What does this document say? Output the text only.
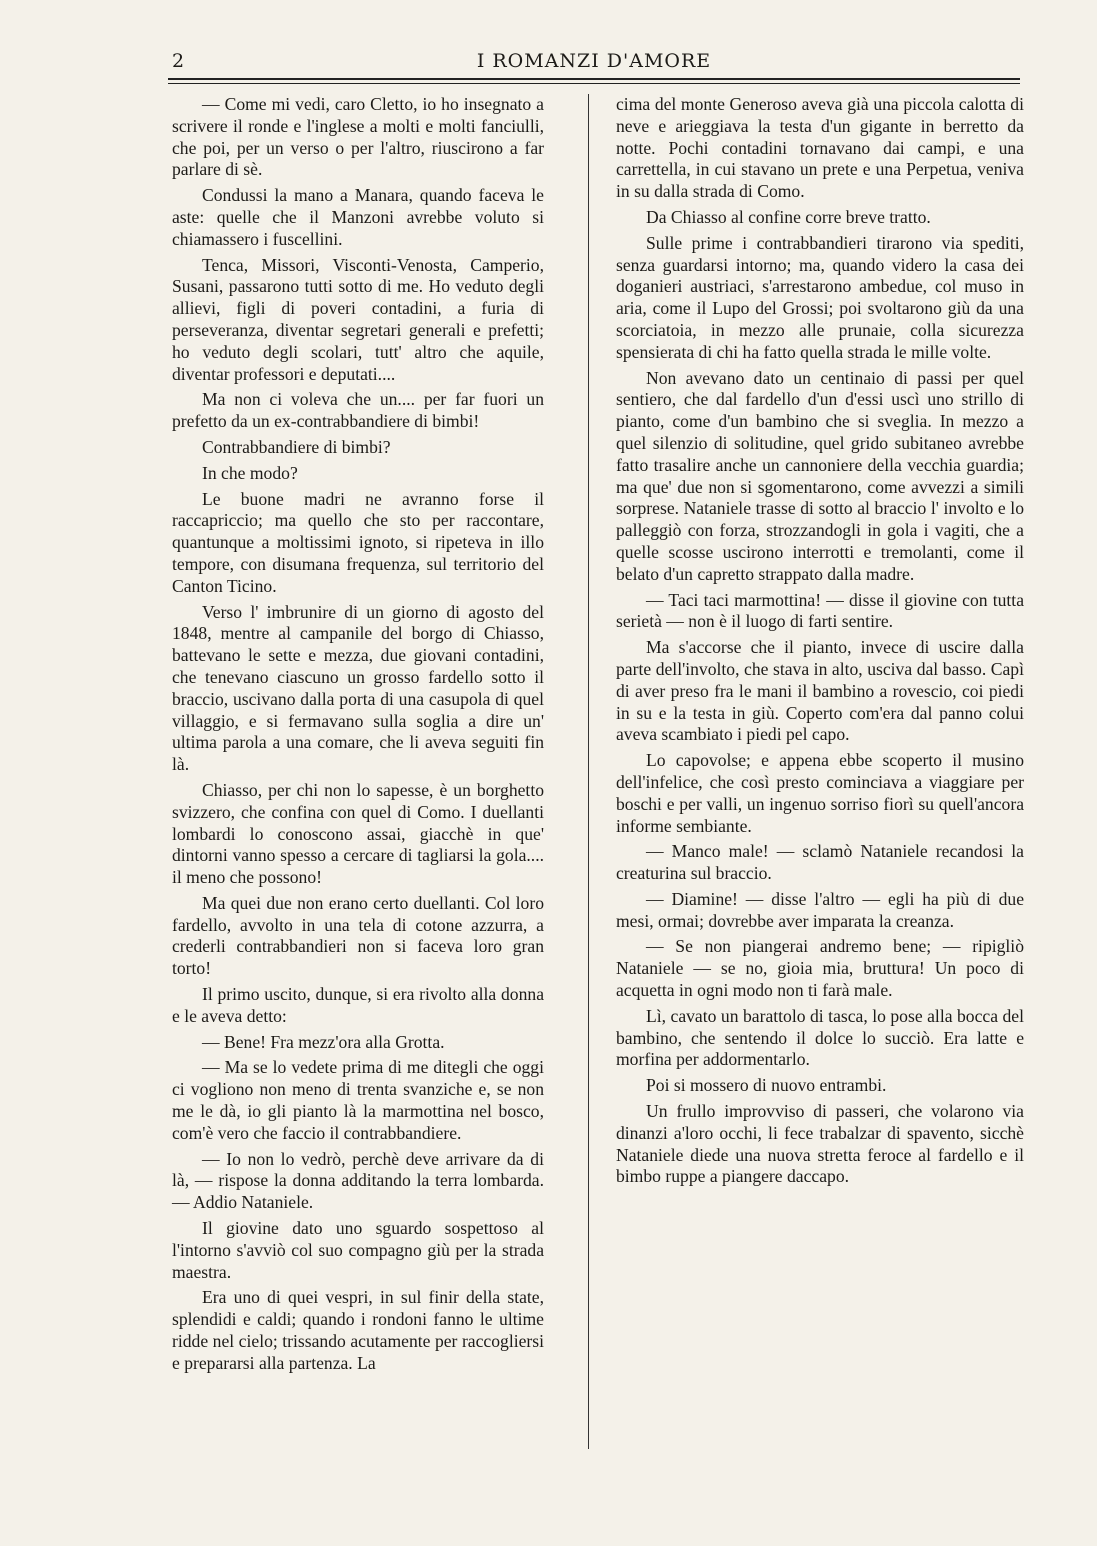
2	I ROMANZI D'AMORE

— Come mi vedi, caro Cletto, io ho insegnato a scrivere il ronde e l'inglese a molti e molti fanciulli, che poi, per un verso o per l'altro, riuscirono a far parlare di sè.

Condussi la mano a Manara, quando faceva le aste: quelle che il Manzoni avrebbe voluto si chiamassero i fuscellini.

Tenca, Missori, Visconti-Venosta, Camperio, Susani, passarono tutti sotto di me. Ho veduto degli allievi, figli di poveri contadini, a furia di perseveranza, diventar segretari generali e prefetti; ho veduto degli scolari, tutt' altro che aquile, diventar professori e deputati....

Ma non ci voleva che un.... per far fuori un prefetto da un ex-contrabbandiere di bimbi!

Contrabbandiere di bimbi?

In che modo?

Le buone madri ne avranno forse il raccapriccio; ma quello che sto per raccontare, quantunque a moltissimi ignoto, si ripeteva in illo tempore, con disumana frequenza, sul territorio del Canton Ticino.

Verso l' imbrunire di un giorno di agosto del 1848, mentre al campanile del borgo di Chiasso, battevano le sette e mezza, due giovani contadini, che tenevano ciascuno un grosso fardello sotto il braccio, uscivano dalla porta di una casupola di quel villaggio, e si fermavano sulla soglia a dire un' ultima parola a una comare, che li aveva seguiti fin là.

Chiasso, per chi non lo sapesse, è un borghetto svizzero, che confina con quel di Como. I duellanti lombardi lo conoscono assai, giacchè in que' dintorni vanno spesso a cercare di tagliarsi la gola.... il meno che possono!

Ma quei due non erano certo duellanti. Col loro fardello, avvolto in una tela di cotone azzurra, a crederli contrabbandieri non si faceva loro gran torto!

Il primo uscito, dunque, si era rivolto alla donna e le aveva detto:

— Bene! Fra mezz'ora alla Grotta.

— Ma se lo vedete prima di me ditegli che oggi ci vogliono non meno di trenta svanziche e, se non me le dà, io gli pianto là la marmottina nel bosco, com'è vero che faccio il contrabbandiere.

— Io non lo vedrò, perchè deve arrivare da di là, — rispose la donna additando la terra lombarda. — Addio Nataniele.

Il giovine dato uno sguardo sospettoso al l'intorno s'avviò col suo compagno giù per la strada maestra.

Era uno di quei vespri, in sul finir della state, splendidi e caldi; quando i rondoni fanno le ultime ridde nel cielo; trissando acutamente per raccogliersi e prepararsi alla partenza. La

cima del monte Generoso aveva già una piccola calotta di neve e arieggiava la testa d'un gigante in berretto da notte. Pochi contadini tornavano dai campi, e una carrettella, in cui stavano un prete e una Perpetua, veniva in su dalla strada di Como.

Da Chiasso al confine corre breve tratto.

Sulle prime i contrabbandieri tirarono via spediti, senza guardarsi intorno; ma, quando videro la casa dei doganieri austriaci, s'arrestarono ambedue, col muso in aria, come il Lupo del Grossi; poi svoltarono giù da una scorciatoia, in mezzo alle prunaie, colla sicurezza spensierata di chi ha fatto quella strada le mille volte.

Non avevano dato un centinaio di passi per quel sentiero, che dal fardello d'un d'essi uscì uno strillo di pianto, come d'un bambino che si sveglia. In mezzo a quel silenzio di solitudine, quel grido subitaneo avrebbe fatto trasalire anche un cannoniere della vecchia guardia; ma que' due non si sgomentarono, come avvezzi a simili sorprese. Nataniele trasse di sotto al braccio l' involto e lo palleggiò con forza, strozzandogli in gola i vagiti, che a quelle scosse uscirono interrotti e tremolanti, come il belato d'un capretto strappato dalla madre.

— Taci taci marmottina! — disse il giovine con tutta serietà — non è il luogo di farti sentire.

Ma s'accorse che il pianto, invece di uscire dalla parte dell'involto, che stava in alto, usciva dal basso. Capì di aver preso fra le mani il bambino a rovescio, coi piedi in su e la testa in giù. Coperto com'era dal panno colui aveva scambiato i piedi pel capo.

Lo capovolse; e appena ebbe scoperto il musino dell'infelice, che così presto cominciava a viaggiare per boschi e per valli, un ingenuo sorriso fiorì su quell'ancora informe sembiante.

— Manco male! — sclamò Nataniele recandosi la creaturina sul braccio.

— Diamine! — disse l'altro — egli ha più di due mesi, ormai; dovrebbe aver imparata la creanza.

— Se non piangerai andremo bene; — ripigliò Nataniele — se no, gioia mia, bruttura! Un poco di acquetta in ogni modo non ti farà male.

Lì, cavato un barattolo di tasca, lo pose alla bocca del bambino, che sentendo il dolce lo succiò. Era latte e morfina per addormentarlo.

Poi si mossero di nuovo entrambi.

Un frullo improvviso di passeri, che volarono via dinanzi a'loro occhi, li fece trabalzar di spavento, sicchè Nataniele diede una nuova stretta feroce al fardello e il bimbo ruppe a piangere daccapo.
